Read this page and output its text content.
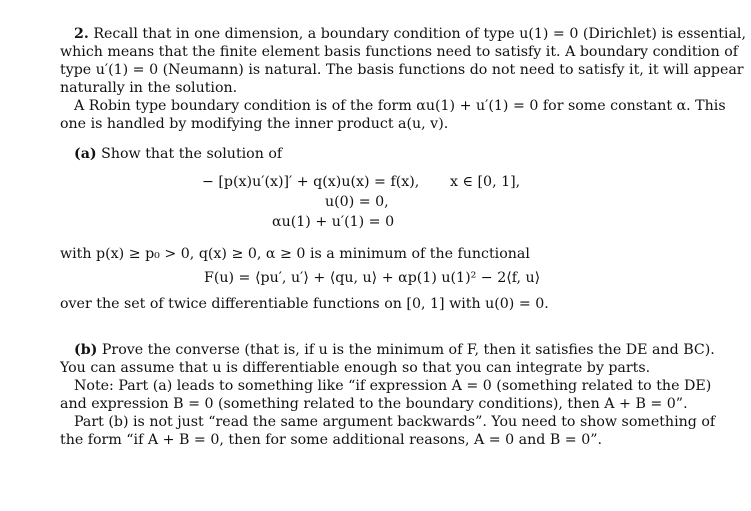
2. Recall that in one dimension, a boundary condition of type u(1) = 0 (Dirichlet) is essential,
which means that the finite element basis functions need to satisfy it. A boundary condition of
type u′(1) = 0 (Neumann) is natural. The basis functions do not need to satisfy it, it will appear
naturally in the solution.
A Robin type boundary condition is of the form αu(1) + u′(1) = 0 for some constant α. This
one is handled by modifying the inner product a(u, v).
(a) Show that the solution of
− [p(x)u′(x)]′ + q(x)u(x) = f(x), x ∈ [0, 1],
u(0) = 0,
αu(1) + u′(1) = 0
with p(x) ≥ p₀ > 0, q(x) ≥ 0, α ≥ 0 is a minimum of the functional
F(u) = ⟨pu′, u′⟩ + ⟨qu, u⟩ + αp(1) u(1)² − 2⟨f, u⟩
over the set of twice differentiable functions on [0, 1] with u(0) = 0.
(b) Prove the converse (that is, if u is the minimum of F, then it satisfies the DE and BC).
You can assume that u is differentiable enough so that you can integrate by parts.
Note: Part (a) leads to something like “if expression A = 0 (something related to the DE)
and expression B = 0 (something related to the boundary conditions), then A + B = 0”.
Part (b) is not just “read the same argument backwards”. You need to show something of
the form “if A + B = 0, then for some additional reasons, A = 0 and B = 0”.
